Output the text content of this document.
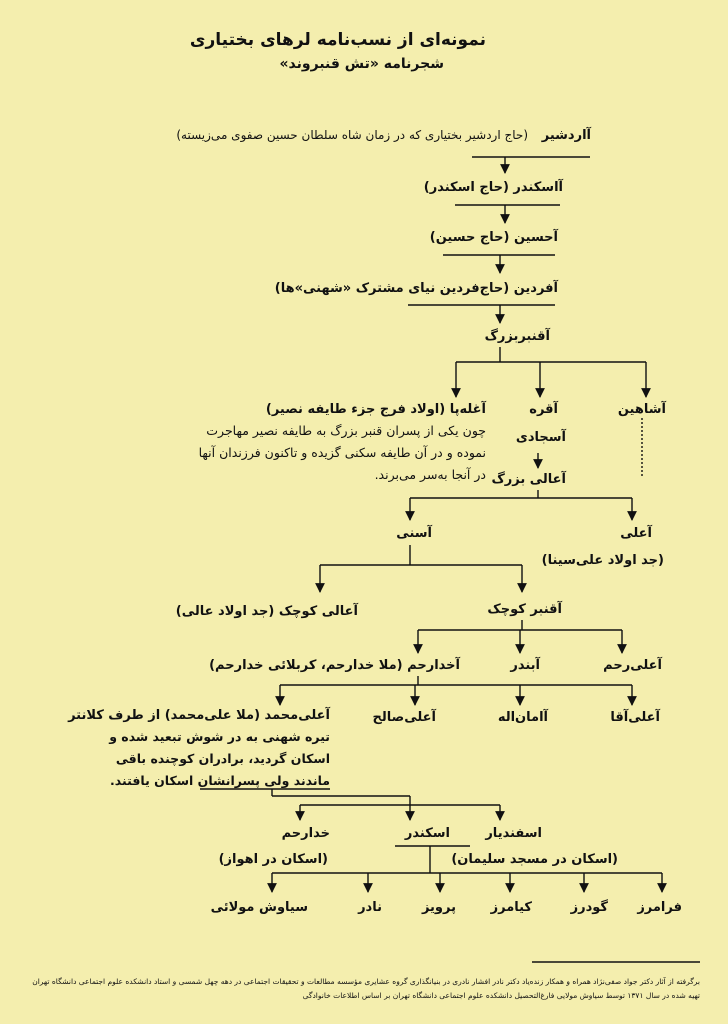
نمونه‌ای از نسب‌نامه لرهای بختیاری
شجرنامه «تش قنبروند»
آاردشیر
(حاج اردشیر بختیاری که در زمان شاه سلطان حسین صفوی می‌زیسته)
آاسکندر (حاج اسکندر)
آحسین (حاج حسین)
آفردین (حاج‌فردین نیای مشترک «شهنی»ها)
آقنبربزرگ
آغله‌پا (اولاد فرج جزء طایفه نصیر)
چون یکی از پسران قنبر بزرگ به طایفه نصیر مهاجرت نموده و در آن طایفه سکنی گزیده و تاکنون فرزندان آنها در آنجا به‌سر می‌برند.
آقره
آسجادی
آشاهین
آعالی بزرگ
آسنی	آعلی
(جد اولاد علی‌سینا)
آعالی کوچک (جد اولاد عالی)	آقنبر کوچک
آخدارحم (ملا خدارحم، کربلائی خدارحم)	آبندر	آعلی‌رحم
آعلی‌محمد (ملا علی‌محمد) از طرف کلانتر
تیره شهنی به در شوش تبعید شده و اسکان گردید، برادران کوچنده باقی ماندند ولی پسرانشان اسکان یافتند.
آعلی‌صالح	آامان‌اله	آعلی‌آقا
خدارحم
(اسکان در اهواز)
اسکندر	اسفندیار
(اسکان در مسجد سلیمان)
سیاوش مولائی	نادر	پرویز	کیامرز	گودرز فرامرز
برگرفته از آثار دکتر جواد صفی‌نژاد همراه و همکار زنده‌یاد دکتر نادر افشار نادری در بنیانگذاری گروه عشایری مؤسسه مطالعات و تحقیقات اجتماعی در دهه چهل شمسی و استاد دانشکده علوم اجتماعی دانشگاه تهران
تهیه شده در سال ۱۳۷۱ توسط سیاوش مولایی فارغ‌التحصیل دانشکده علوم اجتماعی دانشگاه تهران بر اساس اطلاعات خانوادگی
